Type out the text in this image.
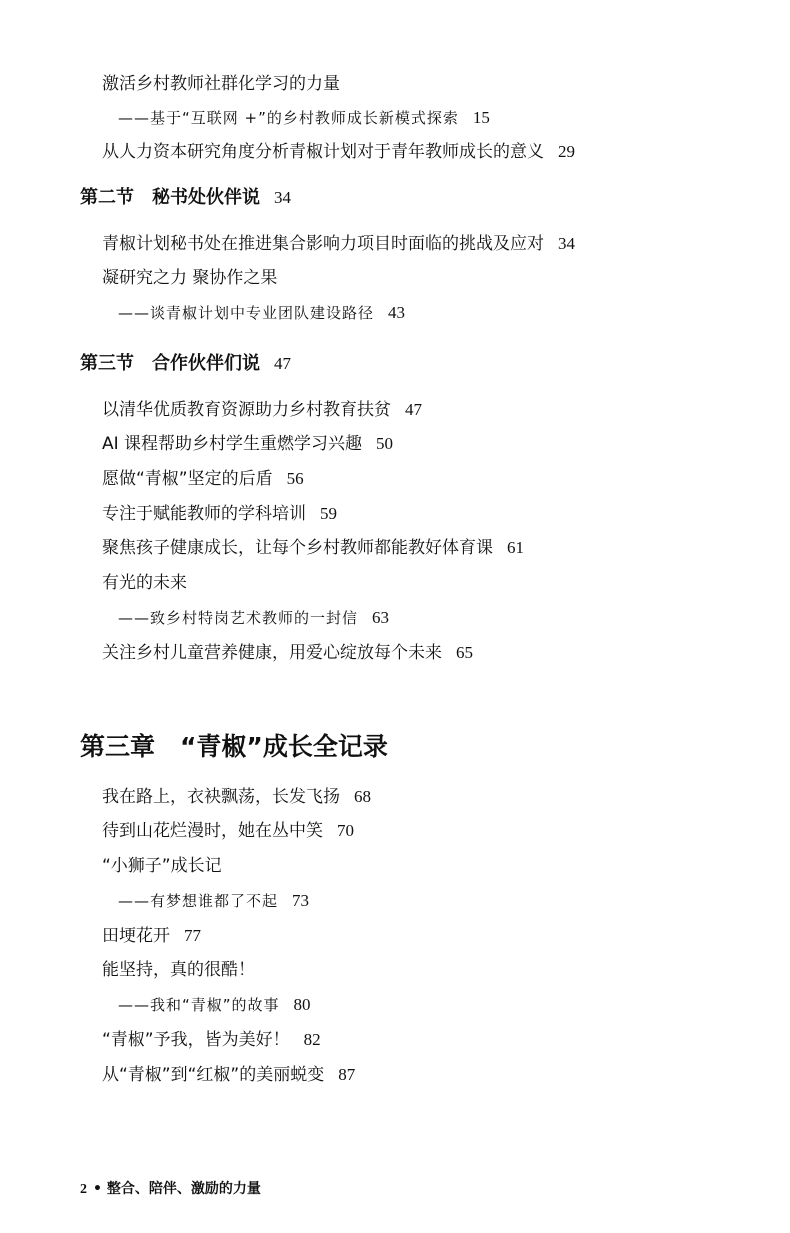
激活乡村教师社群化学习的力量
——基于“互联网 +”的乡村教师成长新模式探索 15
从人力资本研究角度分析青椒计划对于青年教师成长的意义 29
第二节　秘书处伙伴说 34
青椒计划秘书处在推进集合影响力项目时面临的挑战及应对 34
凝研究之力 聚协作之果
——谈青椒计划中专业团队建设路径 43
第三节　合作伙伴们说 47
以清华优质教育资源助力乡村教育扶贫 47
AI 课程帮助乡村学生重燃学习兴趣 50
愿做“青椒”坚定的后盾 56
专注于赋能教师的学科培训 59
聚焦孩子健康成长，让每个乡村教师都能教好体育课 61
有光的未来
——致乡村特岗艺术教师的一封信 63
关注乡村儿童营养健康，用爱心绽放每个未来 65
第三章　“青椒”成长全记录
我在路上，衣袂飘荡，长发飞扬 68
待到山花烂漫时，她在丛中笑 70
“小狮子”成长记
——有梦想谁都了不起 73
田埂花开 77
能坚持，真的很酷！
——我和“青椒”的故事 80
“青椒”予我，皆为美好！ 82
从“青椒”到“红椒”的美丽蜕变 87
2 • 整合、陪伴、激励的力量
